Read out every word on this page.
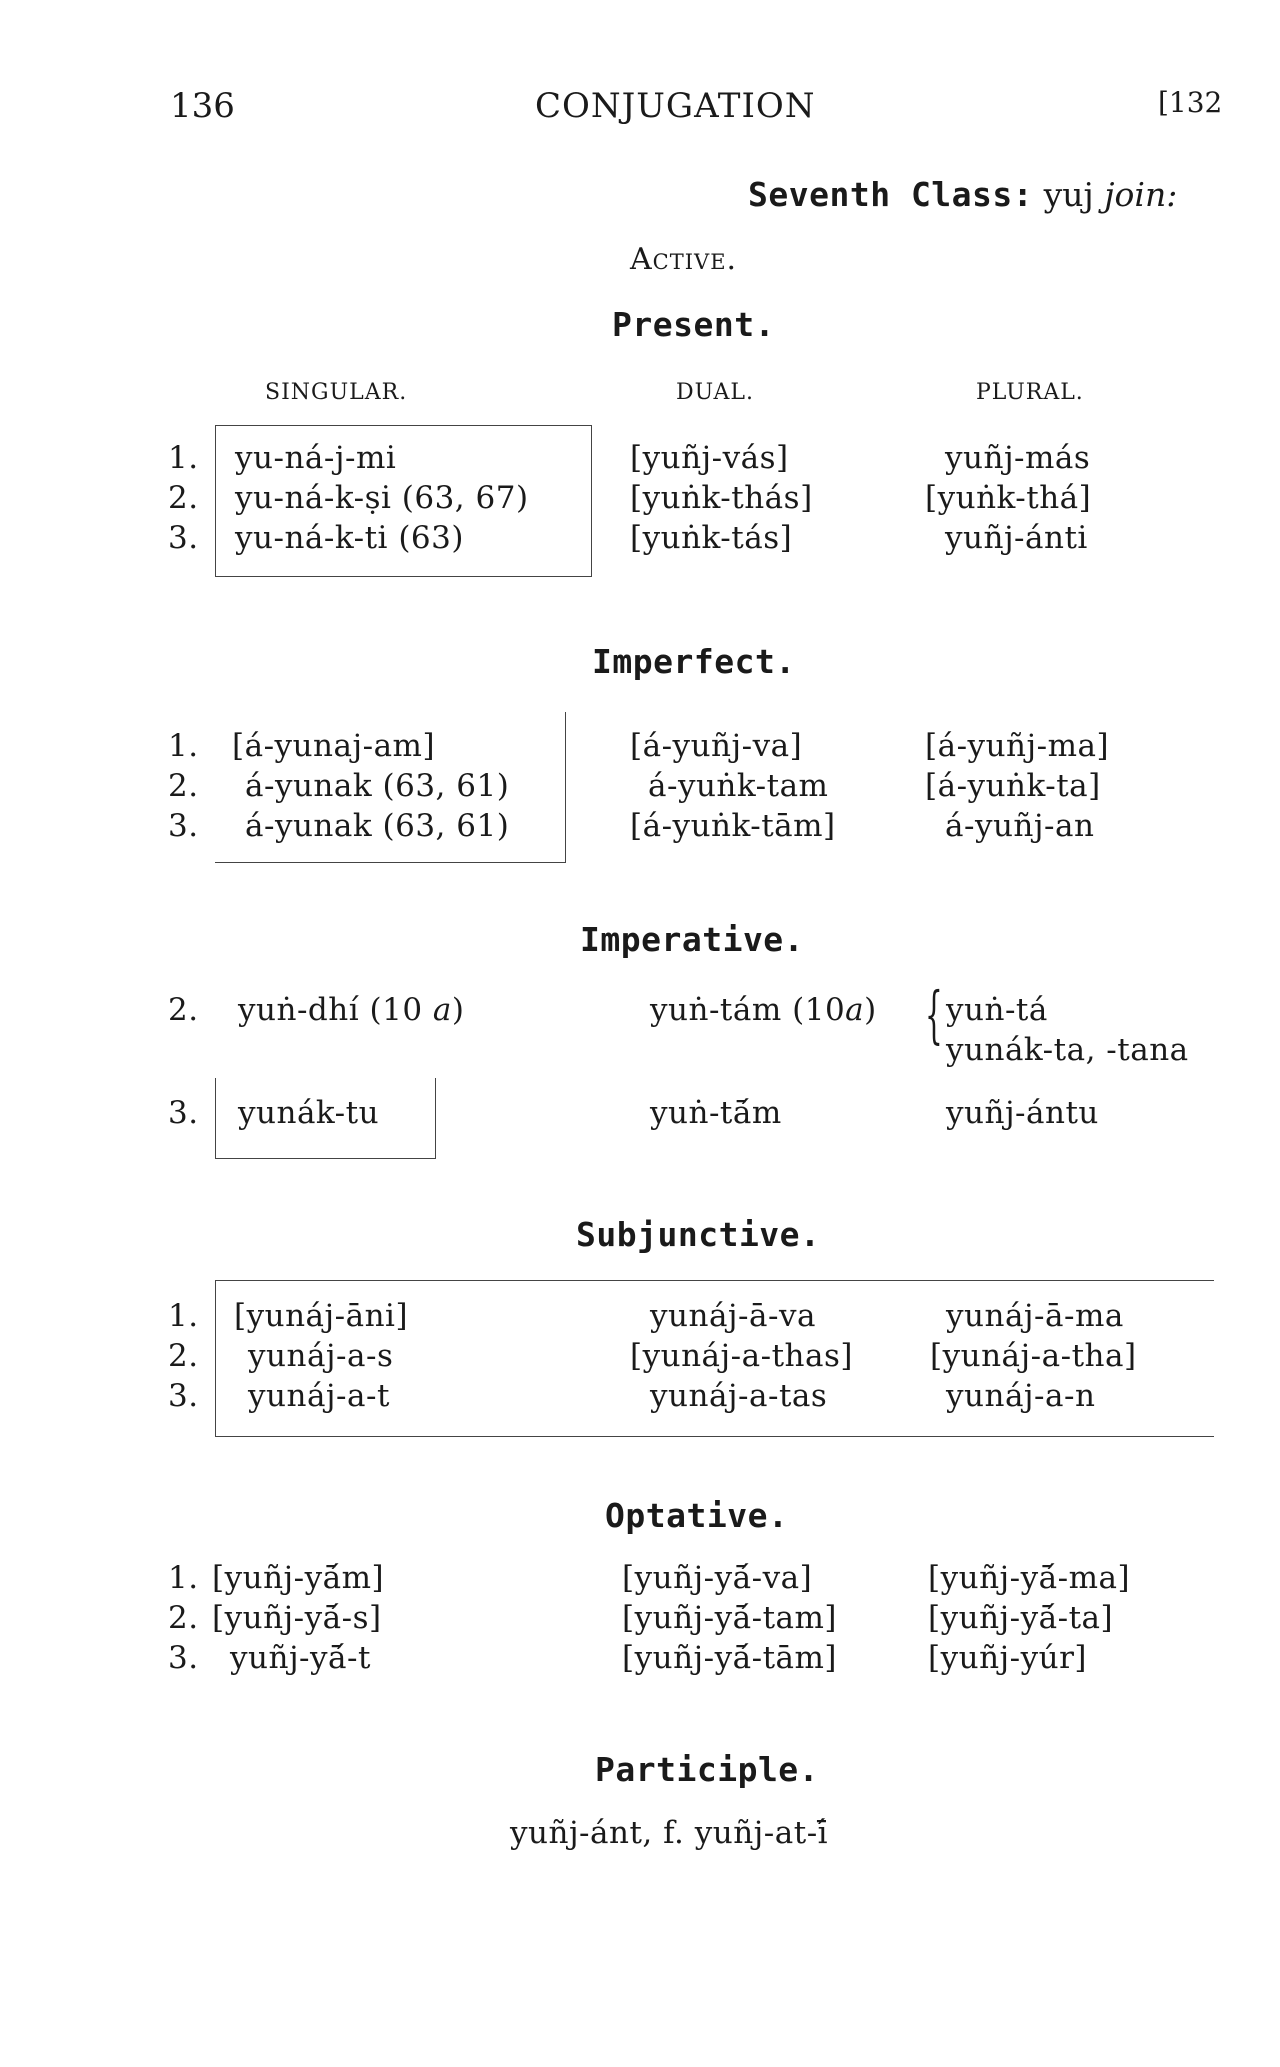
136	CONJUGATION	[132
Seventh Class: yuj join:
Active.
Present.
SINGULAR.	DUAL.	PLURAL.
1. yu-ná-j-mi	[yuñj-vás]	yuñj-más
2. yu-ná-k-ṣi (63, 67)	[yuṅk-thás]	[yuṅk-thá]
3. yu-ná-k-ti (63)	[yuṅk-tás]	yuñj-ánti
Imperfect.
1. [á-yunaj-am]	[á-yuñj-va]	[á-yuñj-ma]
2. á-yunak (63, 61)	á-yuṅk-tam	[á-yuṅk-ta]
3. á-yunak (63, 61)	[á-yuṅk-tām]	á-yuñj-an
Imperative.
2. yuṅ-dhí (10 a)	yuṅ-tám (10a) { yuṅ-tá
yunák-ta, -tana
3. yunák-tu	yuṅ-tā́m	yuñj-ántu
Subjunctive.
1. [yunáj-āni]	yunáj-ā-va	yunáj-ā-ma
2. yunáj-a-s	[yunáj-a-thas] [yunáj-a-tha]
3. yunáj-a-t	yunáj-a-tas	yunáj-a-n
Optative.
1. [yuñj-yā́m]	[yuñj-yā́-va]	[yuñj-yā́-ma]
2. [yuñj-yā́-s]	[yuñj-yā́-tam]	[yuñj-yā́-ta]
3. yuñj-yā́-t	[yuñj-yā́-tām]	[yuñj-yúr]
Participle.
yuñj-ánt, f. yuñj-at-ī́
